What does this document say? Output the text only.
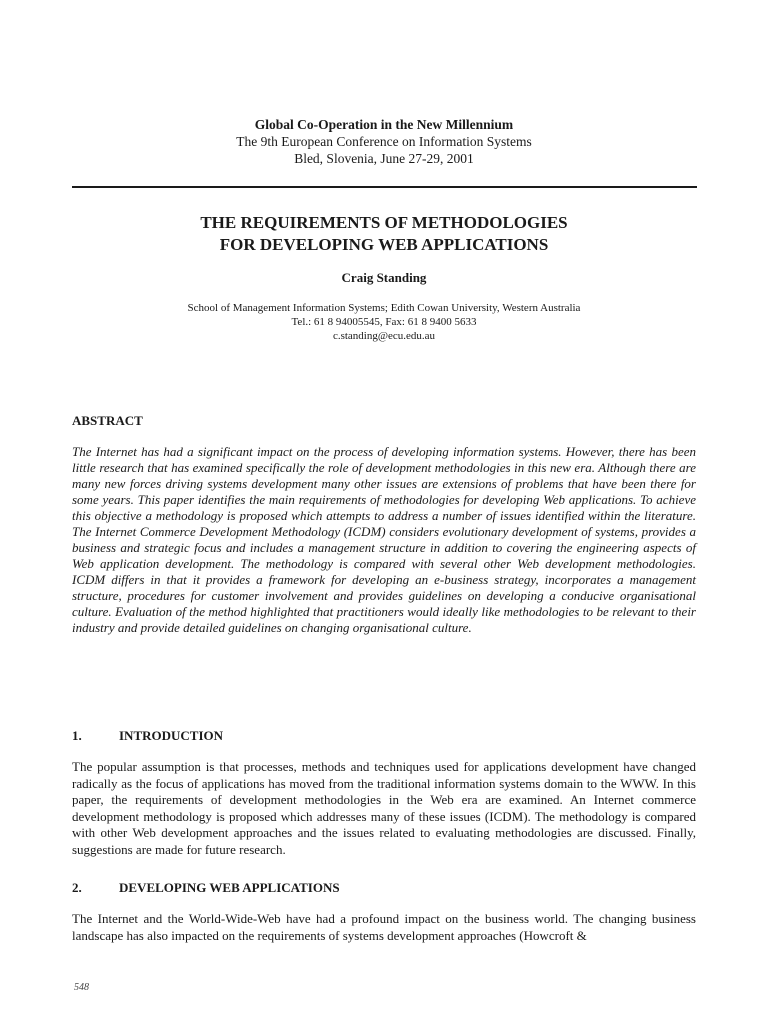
Global Co-Operation in the New Millennium
The 9th European Conference on Information Systems
Bled, Slovenia, June 27-29, 2001
THE REQUIREMENTS OF METHODOLOGIES
FOR DEVELOPING WEB APPLICATIONS
Craig Standing
School of Management Information Systems; Edith Cowan University, Western Australia
Tel.: 61 8 94005545, Fax: 61 8 9400 5633
c.standing@ecu.edu.au
ABSTRACT
The Internet has had a significant impact on the process of developing information systems. However, there has been little research that has examined specifically the role of development methodologies in this new era. Although there are many new forces driving systems development many other issues are extensions of problems that have been there for some years. This paper identifies the main requirements of methodologies for developing Web applications. To achieve this objective a methodology is proposed which attempts to address a number of issues identified within the literature. The Internet Commerce Development Methodology (ICDM) considers evolutionary development of systems, provides a business and strategic focus and includes a management structure in addition to covering the engineering aspects of Web application development. The methodology is compared with several other Web development methodologies. ICDM differs in that it provides a framework for developing an e-business strategy, incorporates a management structure, procedures for customer involvement and provides guidelines on developing a conducive organisational culture. Evaluation of the method highlighted that practitioners would ideally like methodologies to be relevant to their industry and provide detailed guidelines on changing organisational culture.
1.	INTRODUCTION
The popular assumption is that processes, methods and techniques used for applications development have changed radically as the focus of applications has moved from the traditional information systems domain to the WWW. In this paper, the requirements of development methodologies in the Web era are examined. An Internet commerce development methodology is proposed which addresses many of these issues (ICDM). The methodology is compared with other Web development approaches and the issues related to evaluating methodologies are discussed. Finally, suggestions are made for future research.
2.	DEVELOPING WEB APPLICATIONS
The Internet and the World-Wide-Web have had a profound impact on the business world. The changing business landscape has also impacted on the requirements of systems development approaches (Howcroft &
548
